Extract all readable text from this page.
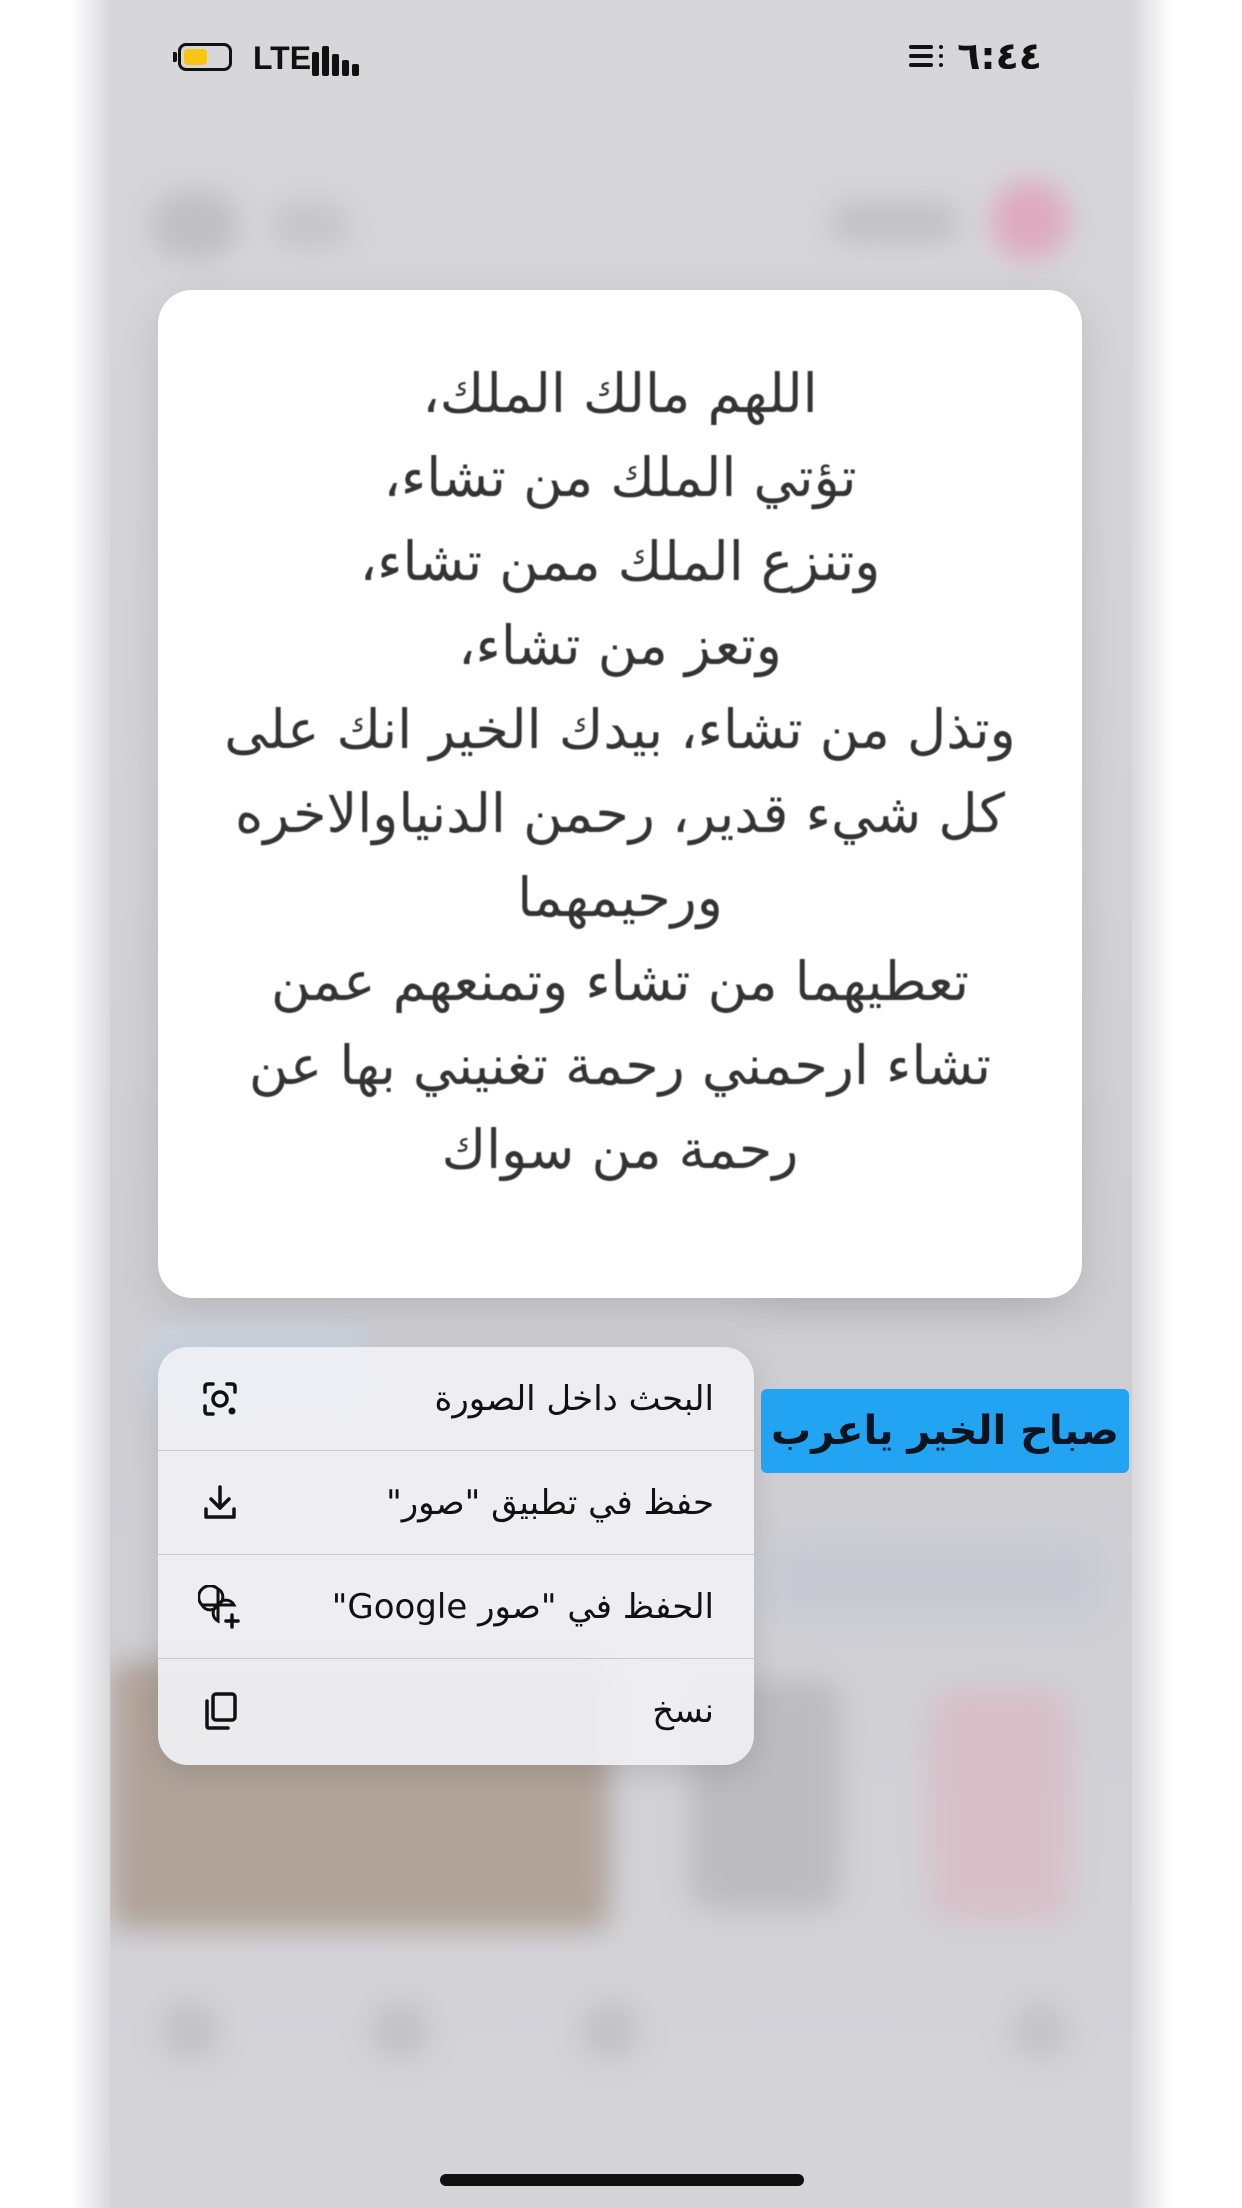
LTE	٦:٤٤
اللهم مالك الملك،
تؤتي الملك من تشاء،
وتنزع الملك ممن تشاء،
وتعز من تشاء،
وتذل من تشاء، بيدك الخير انك على
كل شيء قدير، رحمن الدنياوالاخره
ورحيمهما
تعطيهما من تشاء وتمنعهم عمن
تشاء ارحمني رحمة تغنيني بها عن
رحمة من سواك
البحث داخل الصورة
حفظ في تطبيق "صور"
الحفظ في "صور Google"
نسخ
صباح الخير ياعرب
